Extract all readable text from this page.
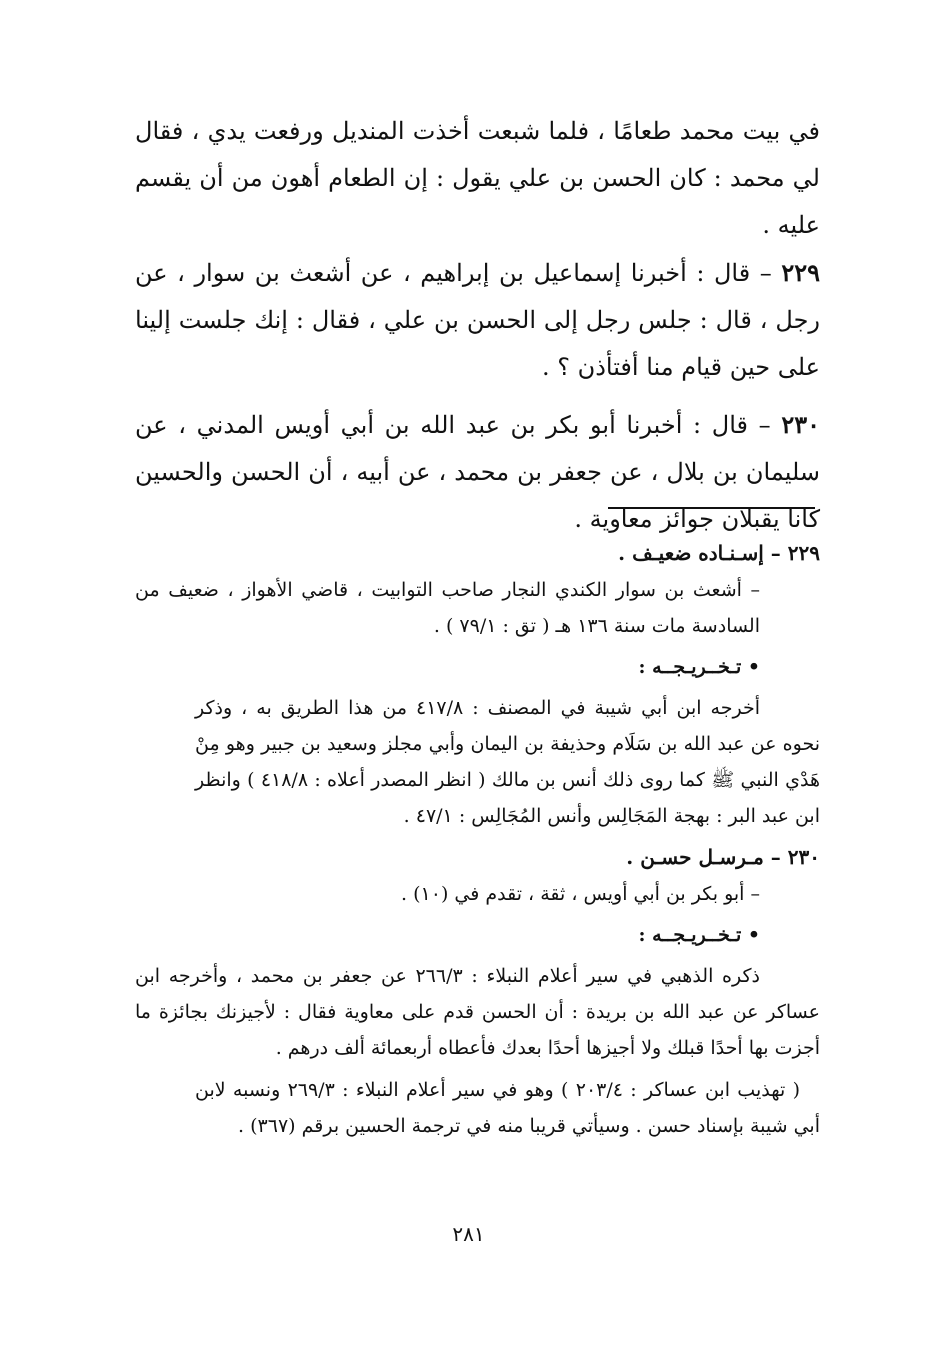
في بيت محمد طعامًا ، فلما شبعت أخذت المنديل ورفعت يدي ، فقال لي محمد : كان الحسن بن علي يقول : إن الطعام أهون من أن يقسم عليه .

٢٢٩ – قال : أخبرنا إسماعيل بن إبراهيم ، عن أشعث بن سوار ، عن رجل ، قال : جلس رجل إلى الحسن بن علي ، فقال : إنك جلست إلينا على حين قيام منا أفتأذن ؟ .

٢٣٠ – قال : أخبرنا أبو بكر بن عبد الله بن أبي أويس المدني ، عن سليمان بن بلال ، عن جعفر بن محمد ، عن أبيه ، أن الحسن والحسين كانا يقبلان جوائز معاوية .

٢٢٩ – إسـنـاده ضعيـف .

– أشعث بن سوار الكندي النجار صاحب التوابيت ، قاضي الأهواز ، ضعيف من السادسة مات سنة ١٣٦ هـ ( تق : ٧٩/١ ) .

• تـخــريـجــه :

أخرجه ابن أبي شيبة في المصنف : ٤١٧/٨ من هذا الطريق به ، وذكر نحوه عن عبد الله بن سَلَام وحذيفة بن اليمان وأبي مجلز وسعيد بن جبير وهو مِنْ هَدْي النبي ﷺ كما روى ذلك أنس بن مالك ( انظر المصدر أعلاه : ٤١٨/٨ ) وانظر ابن عبد البر : بهجة المَجَالِس وأنس المُجَالِس : ٤٧/١ .

٢٣٠ – مـرسـل حسـن .

– أبو بكر بن أبي أويس ، ثقة ، تقدم في (١٠) .

• تـخــريـجــه :

ذكره الذهبي في سير أعلام النبلاء : ٢٦٦/٣ عن جعفر بن محمد ، وأخرجه ابن عساكر عن عبد الله بن بريدة : أن الحسن قدم على معاوية فقال : لأجيزنك بجائزة ما أجزت بها أحدًا قبلك ولا أجيزها أحدًا بعدك فأعطاه أربعمائة ألف درهم .

( تهذيب ابن عساكر : ٢٠٣/٤ ) وهو في سير أعلام النبلاء : ٢٦٩/٣ ونسبه لابن أبي شيبة بإسناد حسن . وسيأتي قريبا منه في ترجمة الحسين برقم (٣٦٧) .

٢٨١
